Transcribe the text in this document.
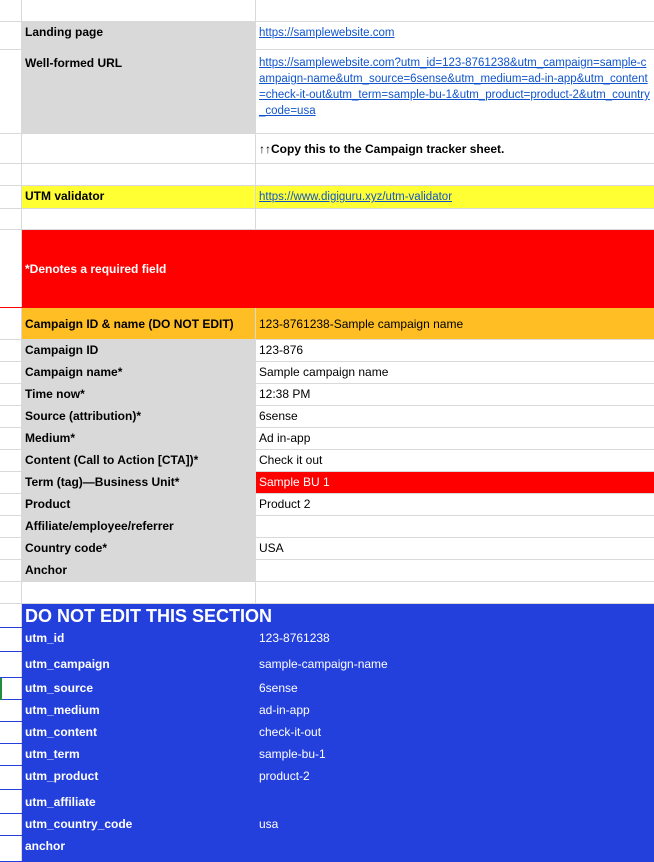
Landing page	https://samplewebsite.com
Well-formed URL	https://samplewebsite.com?utm_id=123-8761238&utm_campaign=sample-campaign-name&utm_source=6sense&utm_medium=ad-in-app&utm_content=check-it-out&utm_term=sample-bu-1&utm_product=product-2&utm_country_code=usa
↑↑Copy this to the Campaign tracker sheet.
UTM validator	https://www.digiguru.xyz/utm-validator
*Denotes a required field
Campaign ID & name (DO NOT EDIT)	123-8761238-Sample campaign name
Campaign ID	123-876
Campaign name*	Sample campaign name
Time now*	12:38 PM
Source (attribution)*	6sense
Medium*	Ad in-app
Content (Call to Action [CTA])*	Check it out
Term (tag)—Business Unit*	Sample BU 1
Product	Product 2
Affiliate/employee/referrer
Country code*	USA
Anchor
DO NOT EDIT THIS SECTION
utm_id	123-8761238
utm_campaign	sample-campaign-name
utm_source	6sense
utm_medium	ad-in-app
utm_content	check-it-out
utm_term	sample-bu-1
utm_product	product-2
utm_affiliate
utm_country_code	usa
anchor
